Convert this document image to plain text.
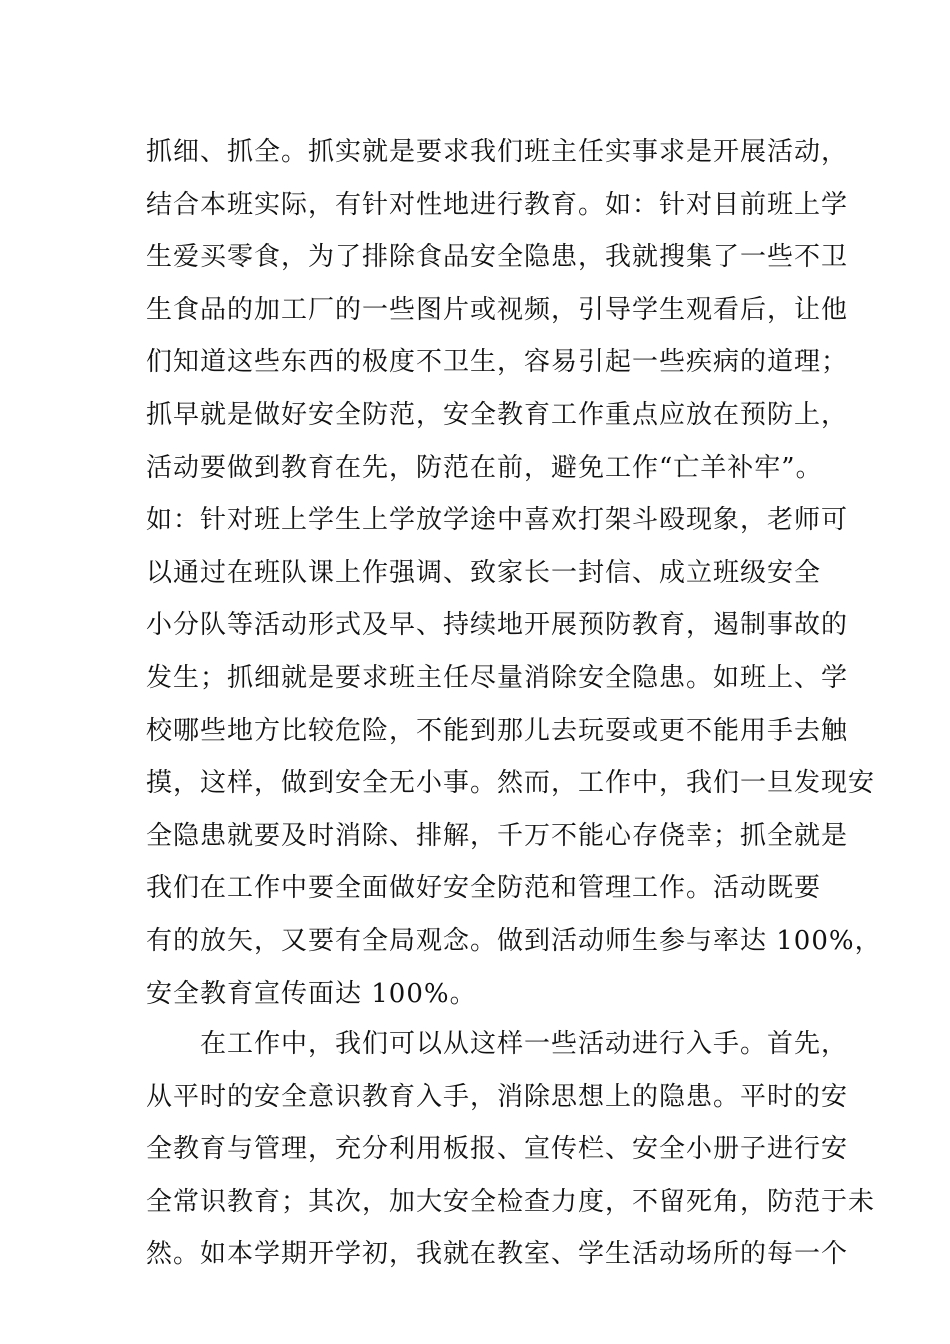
抓细、抓全。抓实就是要求我们班主任实事求是开展活动，
结合本班实际，有针对性地进行教育。如：针对目前班上学
生爱买零食，为了排除食品安全隐患，我就搜集了一些不卫
生食品的加工厂的一些图片或视频，引导学生观看后，让他
们知道这些东西的极度不卫生，容易引起一些疾病的道理；
抓早就是做好安全防范，安全教育工作重点应放在预防上，
活动要做到教育在先，防范在前，避免工作“亡羊补牢”。
如：针对班上学生上学放学途中喜欢打架斗殴现象，老师可
以通过在班队课上作强调、致家长一封信、成立班级安全
小分队等活动形式及早、持续地开展预防教育，遏制事故的
发生；抓细就是要求班主任尽量消除安全隐患。如班上、学
校哪些地方比较危险，不能到那儿去玩耍或更不能用手去触
摸，这样，做到安全无小事。然而，工作中，我们一旦发现安
全隐患就要及时消除、排解，千万不能心存侥幸；抓全就是
我们在工作中要全面做好安全防范和管理工作。活动既要
有的放矢，又要有全局观念。做到活动师生参与率达 100%，
安全教育宣传面达 100%。
在工作中，我们可以从这样一些活动进行入手。首先，
从平时的安全意识教育入手，消除思想上的隐患。平时的安
全教育与管理，充分利用板报、宣传栏、安全小册子进行安
全常识教育；其次，加大安全检查力度，不留死角，防范于未
然。如本学期开学初，我就在教室、学生活动场所的每一个
